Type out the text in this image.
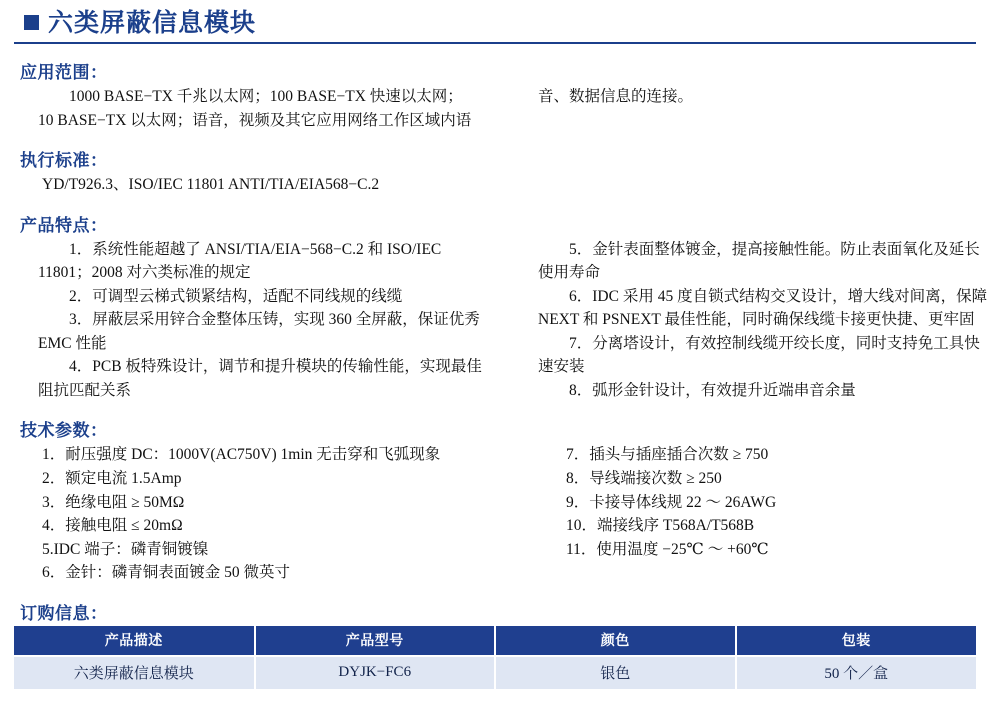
六类屏蔽信息模块
应用范围：

1000 BASE−TX 千兆以太网；100 BASE−TX 快速以太网；

10 BASE−TX 以太网；语音，视频及其它应用网络工作区域内语

音、数据信息的连接。

执行标准：

YD/T926.3、ISO/IEC 11801 ANTI/TIA/EIA568−C.2

产品特点：

1．系统性能超越了 ANSI/TIA/EIA−568−C.2 和 ISO/IEC

11801；2008 对六类标准的规定

2．可调型云梯式锁紧结构，适配不同线规的线缆

3．屏蔽层采用锌合金整体压铸，实现 360 全屏蔽，保证优秀

EMC 性能

4．PCB 板特殊设计，调节和提升模块的传输性能，实现最佳

阻抗匹配关系

5．金针表面整体镀金，提高接触性能。防止表面氧化及延长

使用寿命

6．IDC 采用 45 度自锁式结构交叉设计，增大线对间离，保障

NEXT 和 PSNEXT 最佳性能，同时确保线缆卡接更快捷、更牢固

7．分离塔设计，有效控制线缆开绞长度，同时支持免工具快

速安装

8．弧形金针设计，有效提升近端串音余量

技术参数：

1．耐压强度 DC：1000V(AC750V) 1min 无击穿和飞弧现象

2．额定电流 1.5Amp

3．绝缘电阻 ≥ 50MΩ

4．接触电阻 ≤ 20mΩ

5.IDC 端子：磷青铜镀镍

6．金针：磷青铜表面镀金 50 微英寸

7．插头与插座插合次数 ≥ 750

8．导线端接次数 ≥ 250

9．卡接导体线规 22 ～ 26AWG

10．端接线序 T568A/T568B

11．使用温度 −25℃ ～ +60℃

订购信息：
产品描述	产品型号	颜色	包装
六类屏蔽信息模块	DYJK−FC6	银色	50 个／盒
